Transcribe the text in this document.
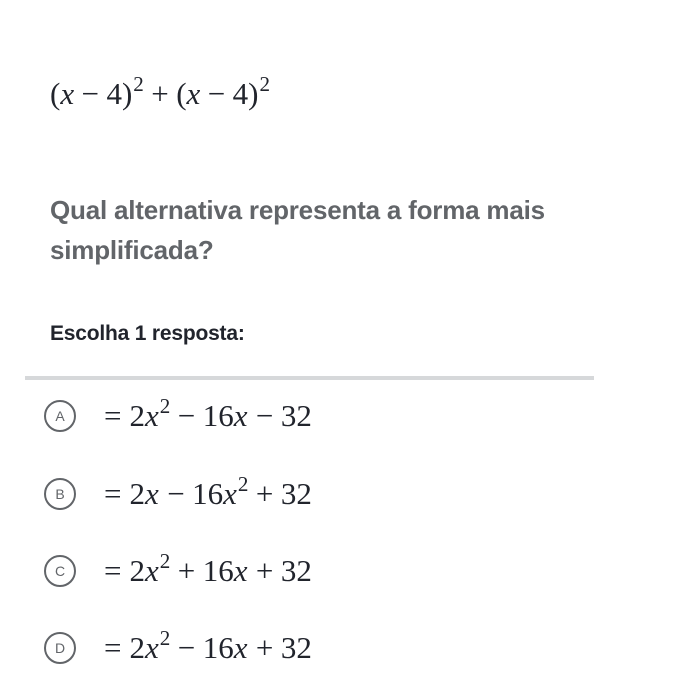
$(x - 4)^2 + (x - 4)^2$
Qual alternativa representa a forma mais simplificada?
Escolha 1 resposta:
A	= $2x^2 - 16x - 32$
B	= $2x - 16x^2 + 32$
C	= $2x^2 + 16x + 32$
D	= $2x^2 - 16x + 32$
